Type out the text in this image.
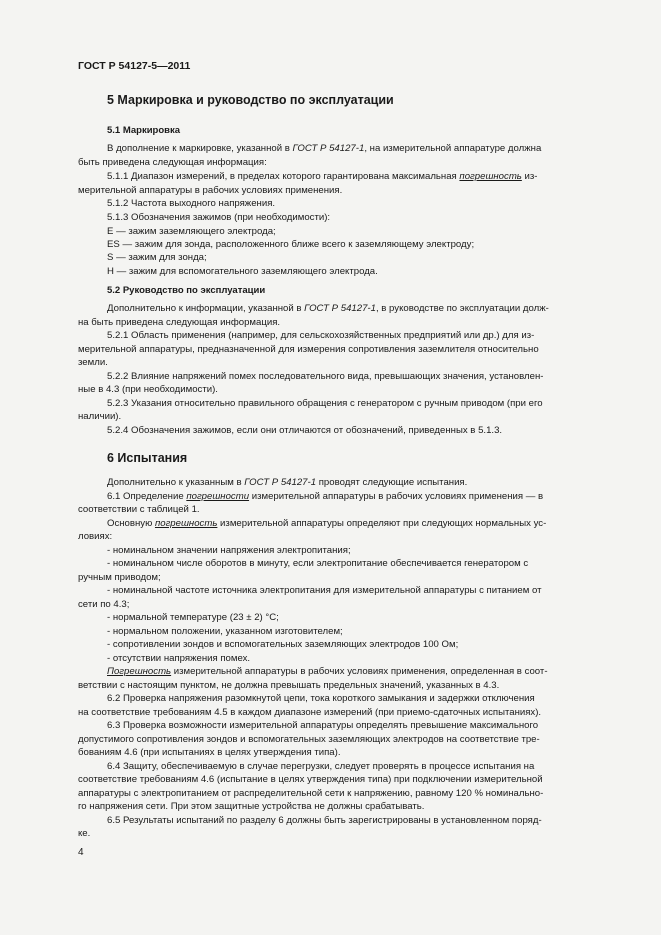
ГОСТ Р 54127-5—2011
5 Маркировка и руководство по эксплуатации
5.1 Маркировка
В дополнение к маркировке, указанной в ГОСТ Р 54127-1, на измерительной аппаратуре должна
быть приведена следующая информация:
5.1.1 Диапазон измерений, в пределах которого гарантирована максимальная погрешность из-
мерительной аппаратуры в рабочих условиях применения.
5.1.2 Частота выходного напряжения.
5.1.3 Обозначения зажимов (при необходимости):
E — зажим заземляющего электрода;
ES — зажим для зонда, расположенного ближе всего к заземляющему электроду;
S — зажим для зонда;
H — зажим для вспомогательного заземляющего электрода.
5.2 Руководство по эксплуатации
Дополнительно к информации, указанной в ГОСТ Р 54127-1, в руководстве по эксплуатации долж-
на быть приведена следующая информация.
5.2.1 Область применения (например, для сельскохозяйственных предприятий или др.) для из-
мерительной аппаратуры, предназначенной для измерения сопротивления заземлителя относительно
земли.
5.2.2 Влияние напряжений помех последовательного вида, превышающих значения, установлен-
ные в 4.3 (при необходимости).
5.2.3 Указания относительно правильного обращения с генератором с ручным приводом (при его
наличии).
5.2.4 Обозначения зажимов, если они отличаются от обозначений, приведенных в 5.1.3.
6 Испытания
Дополнительно к указанным в ГОСТ Р 54127-1 проводят следующие испытания.
6.1 Определение погрешности измерительной аппаратуры в рабочих условиях применения — в
соответствии с таблицей 1.
Основную погрешность измерительной аппаратуры определяют при следующих нормальных ус-
ловиях:
- номинальном значении напряжения электропитания;
- номинальном числе оборотов в минуту, если электропитание обеспечивается генератором с
ручным приводом;
- номинальной частоте источника электропитания для измерительной аппаратуры с питанием от
сети по 4.3;
- нормальной температуре (23 ± 2) °С;
- нормальном положении, указанном изготовителем;
- сопротивлении зондов и вспомогательных заземляющих электродов 100 Ом;
- отсутствии напряжения помех.
Погрешность измерительной аппаратуры в рабочих условиях применения, определенная в соот-
ветствии с настоящим пунктом, не должна превышать предельных значений, указанных в 4.3.
6.2 Проверка напряжения разомкнутой цепи, тока короткого замыкания и задержки отключения
на соответствие требованиям 4.5 в каждом диапазоне измерений (при приемо-сдаточных испытаниях).
6.3 Проверка возможности измерительной аппаратуры определять превышение максимального
допустимого сопротивления зондов и вспомогательных заземляющих электродов на соответствие тре-
бованиям 4.6 (при испытаниях в целях утверждения типа).
6.4 Защиту, обеспечиваемую в случае перегрузки, следует проверять в процессе испытания на
соответствие требованиям 4.6 (испытание в целях утверждения типа) при подключении измерительной
аппаратуры с электропитанием от распределительной сети к напряжению, равному 120 % номинально-
го напряжения сети. При этом защитные устройства не должны срабатывать.
6.5 Результаты испытаний по разделу 6 должны быть зарегистрированы в установленном поряд-
ке.
4
